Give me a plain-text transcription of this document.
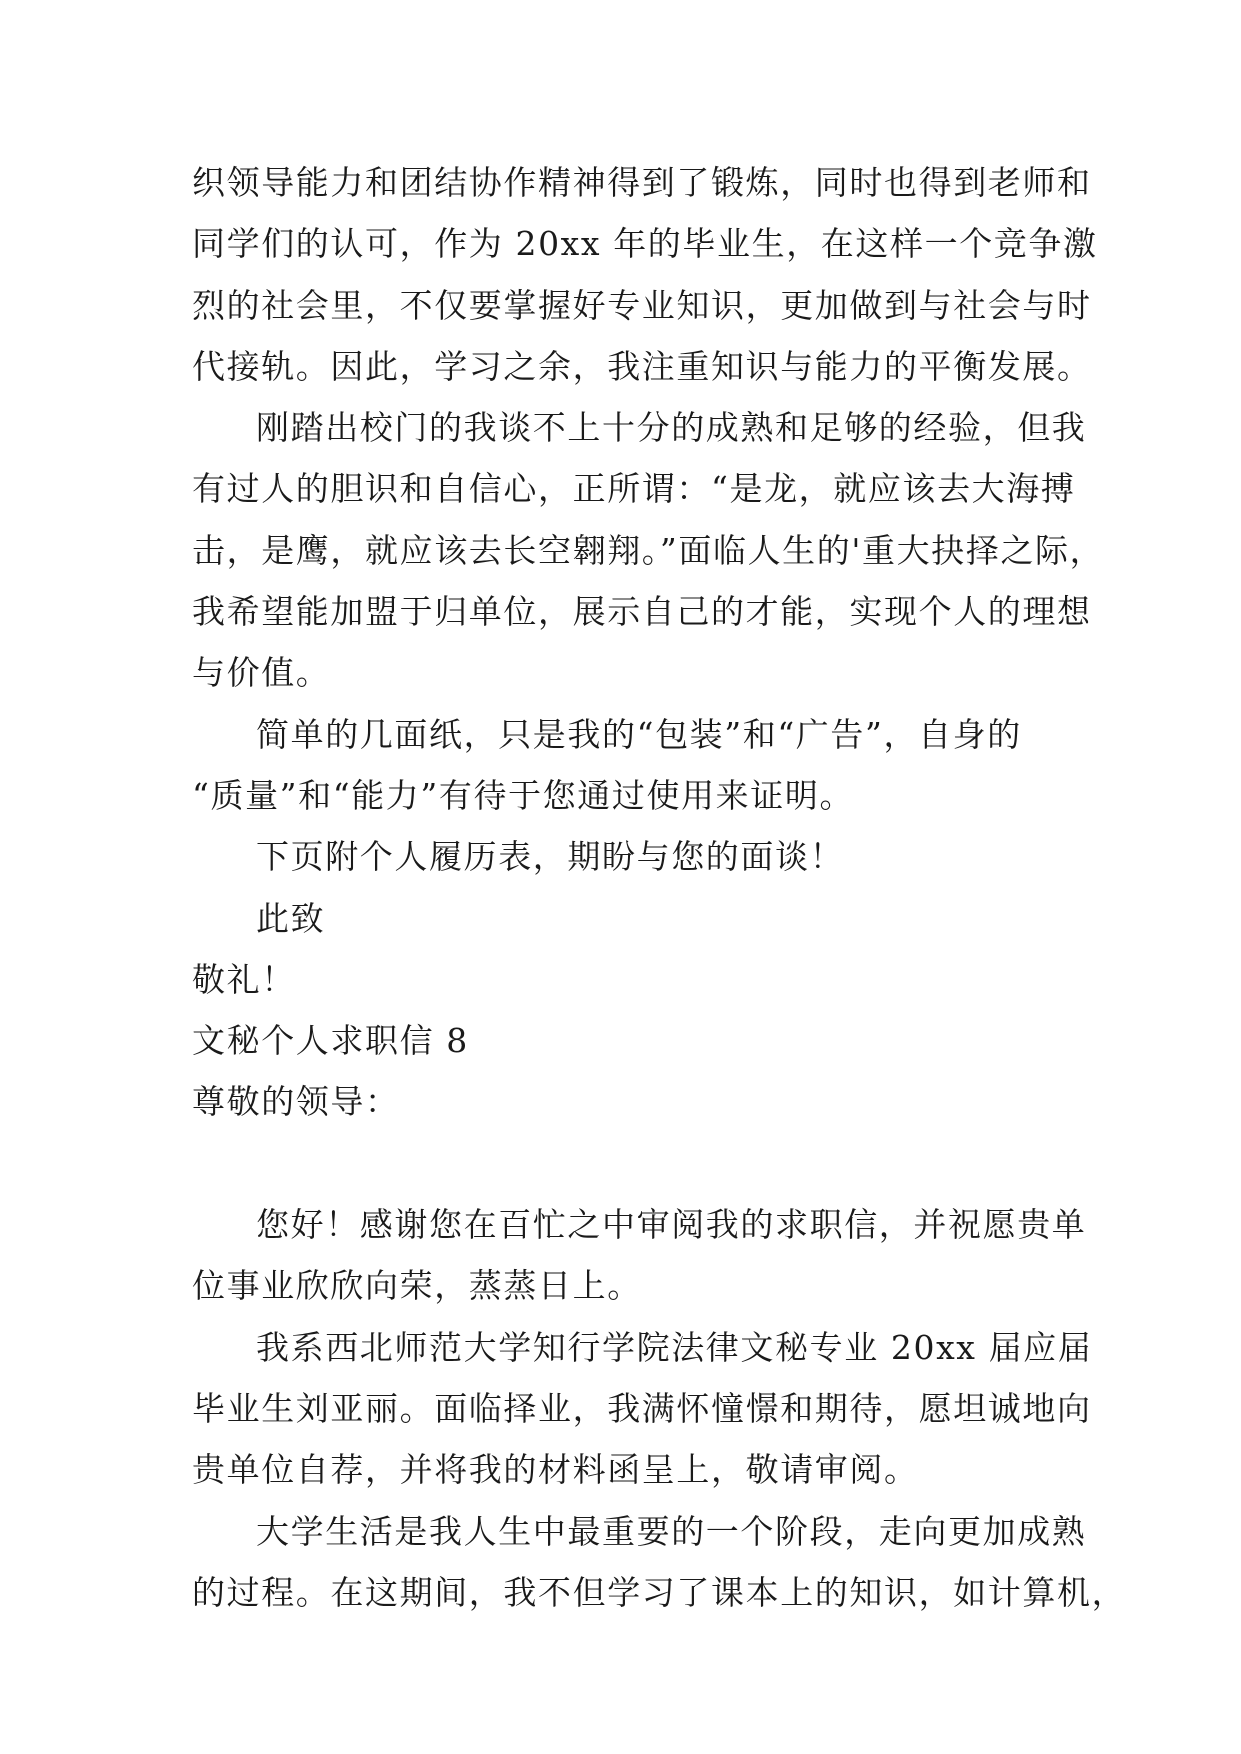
织领导能力和团结协作精神得到了锻炼，同时也得到老师和
同学们的认可，作为 20xx 年的毕业生，在这样一个竞争激
烈的社会里，不仅要掌握好专业知识，更加做到与社会与时
代接轨。因此，学习之余，我注重知识与能力的平衡发展。
刚踏出校门的我谈不上十分的成熟和足够的经验，但我
有过人的胆识和自信心，正所谓：“是龙，就应该去大海搏
击，是鹰，就应该去长空翱翔。”面临人生的'重大抉择之际，
我希望能加盟于归单位，展示自己的才能，实现个人的理想
与价值。
简单的几面纸，只是我的“包装”和“广告”，自身的
“质量”和“能力”有待于您通过使用来证明。
下页附个人履历表，期盼与您的面谈！
此致
敬礼！
文秘个人求职信 8
尊敬的领导：
您好！感谢您在百忙之中审阅我的求职信，并祝愿贵单
位事业欣欣向荣，蒸蒸日上。
我系西北师范大学知行学院法律文秘专业 20xx 届应届
毕业生刘亚丽。面临择业，我满怀憧憬和期待，愿坦诚地向
贵单位自荐，并将我的材料函呈上，敬请审阅。
大学生活是我人生中最重要的一个阶段，走向更加成熟
的过程。在这期间，我不但学习了课本上的知识，如计算机，
